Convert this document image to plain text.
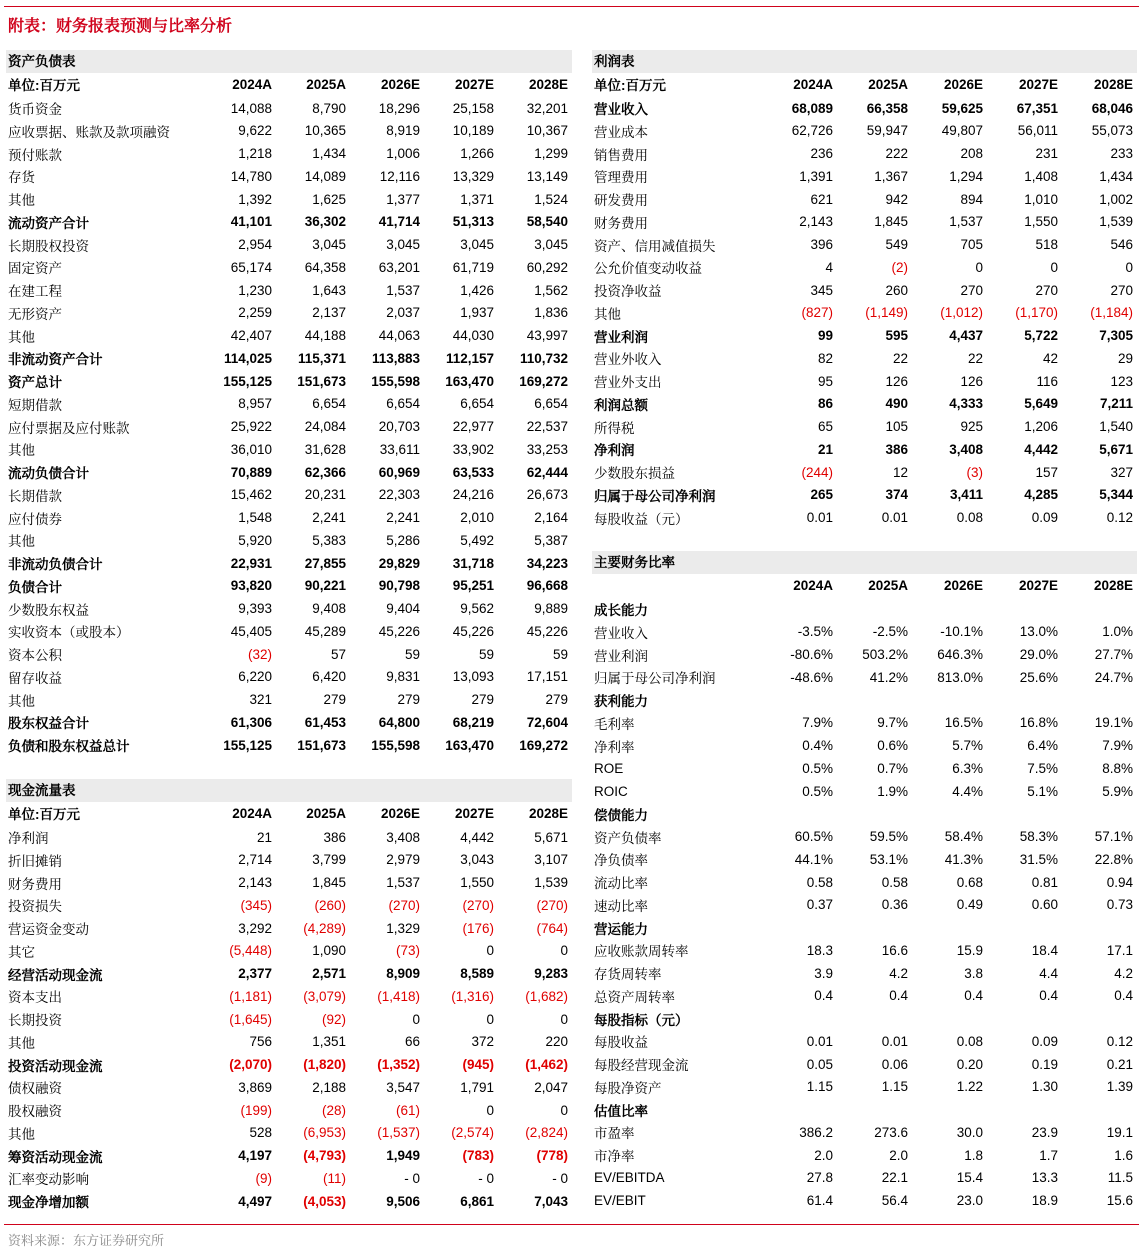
附表：财务报表预测与比率分析
资产负债表
单位:百万元	2024A	2025A	2026E	2027E	2028E
货币资金	14,088	8,790	18,296	25,158	32,201
应收票据、账款及款项融资	9,622	10,365	8,919	10,189	10,367
预付账款	1,218	1,434	1,006	1,266	1,299
存货	14,780	14,089	12,116	13,329	13,149
其他	1,392	1,625	1,377	1,371	1,524
流动资产合计	41,101	36,302	41,714	51,313	58,540
长期股权投资	2,954	3,045	3,045	3,045	3,045
固定资产	65,174	64,358	63,201	61,719	60,292
在建工程	1,230	1,643	1,537	1,426	1,562
无形资产	2,259	2,137	2,037	1,937	1,836
其他	42,407	44,188	44,063	44,030	43,997
非流动资产合计	114,025	115,371	113,883	112,157	110,732
资产总计	155,125	151,673	155,598	163,470	169,272
短期借款	8,957	6,654	6,654	6,654	6,654
应付票据及应付账款	25,922	24,084	20,703	22,977	22,537
其他	36,010	31,628	33,611	33,902	33,253
流动负债合计	70,889	62,366	60,969	63,533	62,444
长期借款	15,462	20,231	22,303	24,216	26,673
应付债券	1,548	2,241	2,241	2,010	2,164
其他	5,920	5,383	5,286	5,492	5,387
非流动负债合计	22,931	27,855	29,829	31,718	34,223
负债合计	93,820	90,221	90,798	95,251	96,668
少数股东权益	9,393	9,408	9,404	9,562	9,889
实收资本（或股本）	45,405	45,289	45,226	45,226	45,226
资本公积	(32)	57	59	59	59
留存收益	6,220	6,420	9,831	13,093	17,151
其他	321	279	279	279	279
股东权益合计	61,306	61,453	64,800	68,219	72,604
负债和股东权益总计	155,125	151,673	155,598	163,470	169,272
利润表
单位:百万元	2024A	2025A	2026E	2027E	2028E
营业收入	68,089	66,358	59,625	67,351	68,046
营业成本	62,726	59,947	49,807	56,011	55,073
销售费用	236	222	208	231	233
管理费用	1,391	1,367	1,294	1,408	1,434
研发费用	621	942	894	1,010	1,002
财务费用	2,143	1,845	1,537	1,550	1,539
资产、信用减值损失	396	549	705	518	546
公允价值变动收益	4	(2)	0	0	0
投资净收益	345	260	270	270	270
其他	(827)	(1,149)	(1,012)	(1,170)	(1,184)
营业利润	99	595	4,437	5,722	7,305
营业外收入	82	22	22	42	29
营业外支出	95	126	126	116	123
利润总额	86	490	4,333	5,649	7,211
所得税	65	105	925	1,206	1,540
净利润	21	386	3,408	4,442	5,671
少数股东损益	(244)	12	(3)	157	327
归属于母公司净利润	265	374	3,411	4,285	5,344
每股收益（元）	0.01	0.01	0.08	0.09	0.12
现金流量表
单位:百万元	2024A	2025A	2026E	2027E	2028E
净利润	21	386	3,408	4,442	5,671
折旧摊销	2,714	3,799	2,979	3,043	3,107
财务费用	2,143	1,845	1,537	1,550	1,539
投资损失	(345)	(260)	(270)	(270)	(270)
营运资金变动	3,292	(4,289)	1,329	(176)	(764)
其它	(5,448)	1,090	(73)	0	0
经营活动现金流	2,377	2,571	8,909	8,589	9,283
资本支出	(1,181)	(3,079)	(1,418)	(1,316)	(1,682)
长期投资	(1,645)	(92)	0	0	0
其他	756	1,351	66	372	220
投资活动现金流	(2,070)	(1,820)	(1,352)	(945)	(1,462)
债权融资	3,869	2,188	3,547	1,791	2,047
股权融资	(199)	(28)	(61)	0	0
其他	528	(6,953)	(1,537)	(2,574)	(2,824)
筹资活动现金流	4,197	(4,793)	1,949	(783)	(778)
汇率变动影响	(9)	(11)	- 0	- 0	- 0
现金净增加额	4,497	(4,053)	9,506	6,861	7,043
主要财务比率
	2024A	2025A	2026E	2027E	2028E
成长能力					
营业收入	-3.5%	-2.5%	-10.1%	13.0%	1.0%
营业利润	-80.6%	503.2%	646.3%	29.0%	27.7%
归属于母公司净利润	-48.6%	41.2%	813.0%	25.6%	24.7%
获利能力					
毛利率	7.9%	9.7%	16.5%	16.8%	19.1%
净利率	0.4%	0.6%	5.7%	6.4%	7.9%
ROE	0.5%	0.7%	6.3%	7.5%	8.8%
ROIC	0.5%	1.9%	4.4%	5.1%	5.9%
偿债能力					
资产负债率	60.5%	59.5%	58.4%	58.3%	57.1%
净负债率	44.1%	53.1%	41.3%	31.5%	22.8%
流动比率	0.58	0.58	0.68	0.81	0.94
速动比率	0.37	0.36	0.49	0.60	0.73
营运能力					
应收账款周转率	18.3	16.6	15.9	18.4	17.1
存货周转率	3.9	4.2	3.8	4.4	4.2
总资产周转率	0.4	0.4	0.4	0.4	0.4
每股指标（元）					
每股收益	0.01	0.01	0.08	0.09	0.12
每股经营现金流	0.05	0.06	0.20	0.19	0.21
每股净资产	1.15	1.15	1.22	1.30	1.39
估值比率					
市盈率	386.2	273.6	30.0	23.9	19.1
市净率	2.0	2.0	1.8	1.7	1.6
EV/EBITDA	27.8	22.1	15.4	13.3	11.5
EV/EBIT	61.4	56.4	23.0	18.9	15.6
资料来源：东方证券研究所
